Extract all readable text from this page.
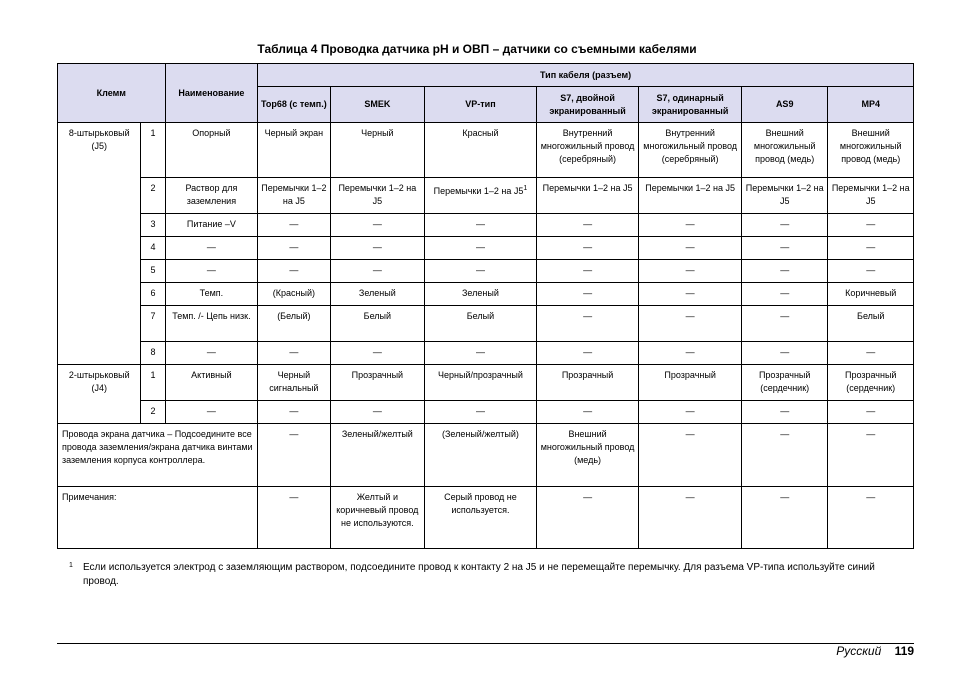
Таблица 4 Проводка датчика pH и ОВП – датчики со съемными кабелями
Клемм		Наименование	Тип кабеля (разъем)						
			Top68 (с темп.)	SMEK	VP-тип	S7, двойной экранированный	S7, одинарный экранированный	AS9	MP4
8-штырьковый (J5)	1	Опорный	Черный экран	Черный	Красный	Внутренний многожильный провод (серебряный)	Внутренний многожильный провод (серебряный)	Внешний многожильный провод (медь)	Внешний многожильный провод (медь)
	2	Раствор для заземления	Перемычки 1–2 на J5	Перемычки 1–2 на J5	Перемычки 1–2 на $J5^1$	Перемычки 1–2 на J5	Перемычки 1–2 на J5	Перемычки 1–2 на J5	Перемычки 1–2 на J5
	3	Питание –V	—	—	—	—	—	—	—
	4	—	—	—	—	—	—	—	—
	5	—	—	—	—	—	—	—	—
	6	Темп.	(Красный)	Зеленый	Зеленый	—	—	—	Коричневый
	7	Темп. /- Цепь низк.	(Белый)	Белый	Белый	—	—	—	Белый
	8	—	—	—	—	—	—	—	—
2-штырьковый (J4)	1	Активный	Черный сигнальный	Прозрачный	Черный/прозрачный	Прозрачный	Прозрачный	Прозрачный (сердечник)	Прозрачный (сердечник)
	2	—	—	—	—	—	—	—	—
Провода экрана датчика – Подсоедините все провода заземления/экрана датчика винтами заземления корпуса контроллера.			—	Зеленый/желтый	(Зеленый/желтый)	Внешний многожильный провод (медь)	—	—	—
Примечания:			—	Желтый и коричневый провод не используются.	Серый провод не используется.	—	—	—	—
1	Если используется электрод с заземляющим раствором, подсоедините провод к контакту 2 на J5 и не перемещайте перемычку. Для разъема VP-типа используйте синий провод.
Русский 119
